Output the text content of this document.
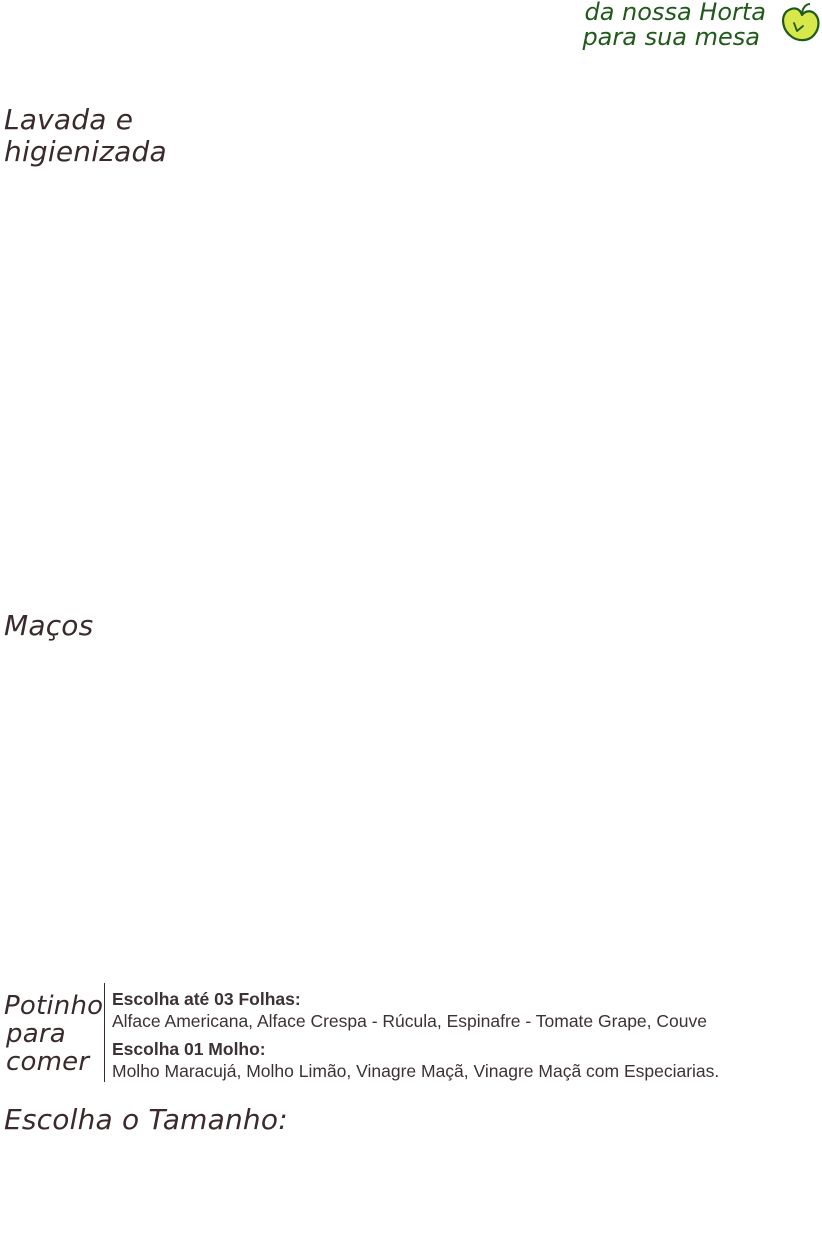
da nossa Horta
para sua mesa
Lavada e
higienizada
Maços
Potinho
para
comer
Escolha até 03 Folhas:
Alface Americana, Alface Crespa - Rúcula, Espinafre - Tomate Grape, Couve
Escolha 01 Molho:
Molho Maracujá, Molho Limão, Vinagre Maçã, Vinagre Maçã com Especiarias.
Escolha o Tamanho:
